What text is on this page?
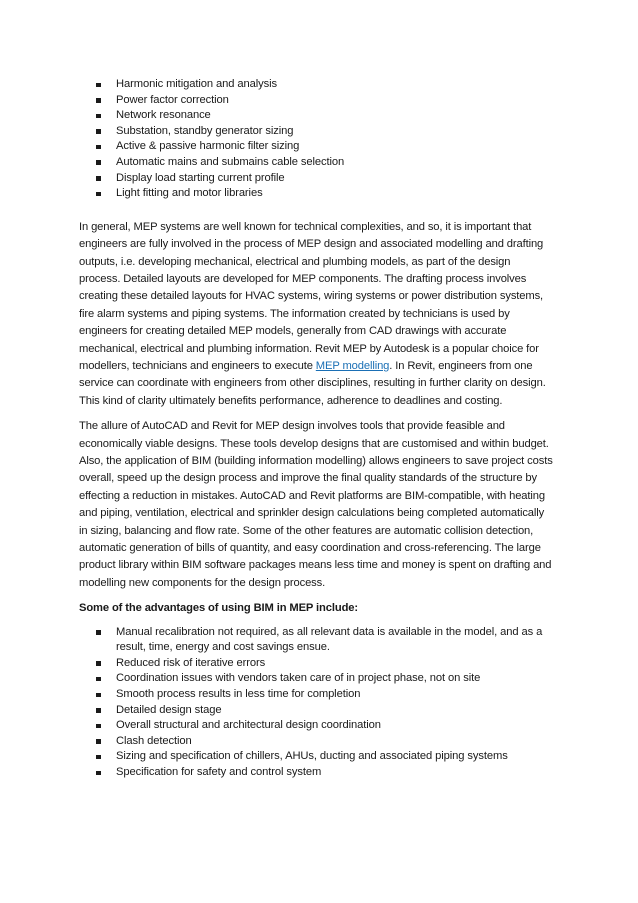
Harmonic mitigation and analysis
Power factor correction
Network resonance
Substation, standby generator sizing
Active & passive harmonic filter sizing
Automatic mains and submains cable selection
Display load starting current profile
Light fitting and motor libraries

In general, MEP systems are well known for technical complexities, and so, it is important that engineers are fully involved in the process of MEP design and associated modelling and drafting outputs, i.e. developing mechanical, electrical and plumbing models, as part of the design process. Detailed layouts are developed for MEP components. The drafting process involves creating these detailed layouts for HVAC systems, wiring systems or power distribution systems, fire alarm systems and piping systems. The information created by technicians is used by engineers for creating detailed MEP models, generally from CAD drawings with accurate mechanical, electrical and plumbing information. Revit MEP by Autodesk is a popular choice for modellers, technicians and engineers to execute MEP modelling. In Revit, engineers from one service can coordinate with engineers from other disciplines, resulting in further clarity on design. This kind of clarity ultimately benefits performance, adherence to deadlines and costing.

The allure of AutoCAD and Revit for MEP design involves tools that provide feasible and economically viable designs. These tools develop designs that are customised and within budget. Also, the application of BIM (building information modelling) allows engineers to save project costs overall, speed up the design process and improve the final quality standards of the structure by effecting a reduction in mistakes. AutoCAD and Revit platforms are BIM-compatible, with heating and piping, ventilation, electrical and sprinkler design calculations being completed automatically in sizing, balancing and flow rate. Some of the other features are automatic collision detection, automatic generation of bills of quantity, and easy coordination and cross-referencing. The large product library within BIM software packages means less time and money is spent on drafting and modelling new components for the design process.

Some of the advantages of using BIM in MEP include:

Manual recalibration not required, as all relevant data is available in the model, and as a result, time, energy and cost savings ensue.
Reduced risk of iterative errors
Coordination issues with vendors taken care of in project phase, not on site
Smooth process results in less time for completion
Detailed design stage
Overall structural and architectural design coordination
Clash detection
Sizing and specification of chillers, AHUs, ducting and associated piping systems
Specification for safety and control system
